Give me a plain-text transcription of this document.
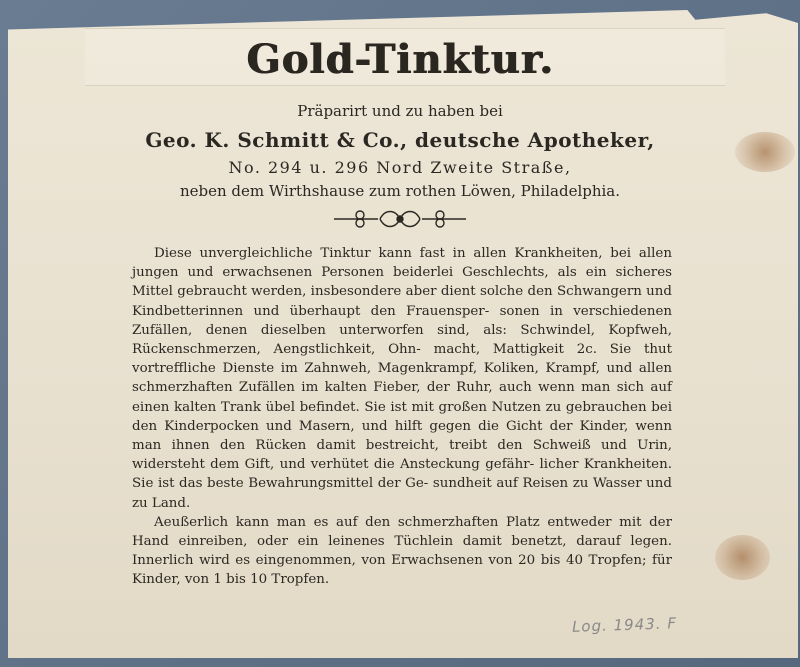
Gold-Tinktur.
Präparirt und zu haben bei
Geo. K. Schmitt & Co., deutsche Apotheker,
No. 294 u. 296 Nord Zweite Straße,
neben dem Wirthshause zum rothen Löwen, Philadelphia.

Diese unvergleichliche Tinktur kann fast in allen Krankheiten, bei allen jungen und erwachsenen Personen beiderlei Geschlechts, als ein sicheres Mittel gebraucht werden, insbesondere aber dient solche den Schwangern und Kindbetterinnen und überhaupt den Frauensper- sonen in verschiedenen Zufällen, denen dieselben unterworfen sind, als: Schwindel, Kopfweh, Rückenschmerzen, Aengstlichkeit, Ohn- macht, Mattigkeit 2c. Sie thut vortreffliche Dienste im Zahnweh, Magenkrampf, Koliken, Krampf, und allen schmerzhaften Zufällen im kalten Fieber, der Ruhr, auch wenn man sich auf einen kalten Trank übel befindet. Sie ist mit großen Nutzen zu gebrauchen bei den Kinderpocken und Masern, und hilft gegen die Gicht der Kinder, wenn man ihnen den Rücken damit bestreicht, treibt den Schweiß und Urin, widersteht dem Gift, und verhütet die Ansteckung gefähr- licher Krankheiten. Sie ist das beste Bewahrungsmittel der Ge- sundheit auf Reisen zu Wasser und zu Land.

Aeußerlich kann man es auf den schmerzhaften Platz entweder mit der Hand einreiben, oder ein leinenes Tüchlein damit benetzt, darauf legen. Innerlich wird es eingenommen, von Erwachsenen von 20 bis 40 Tropfen; für Kinder, von 1 bis 10 Tropfen.

Log. 1943. F
